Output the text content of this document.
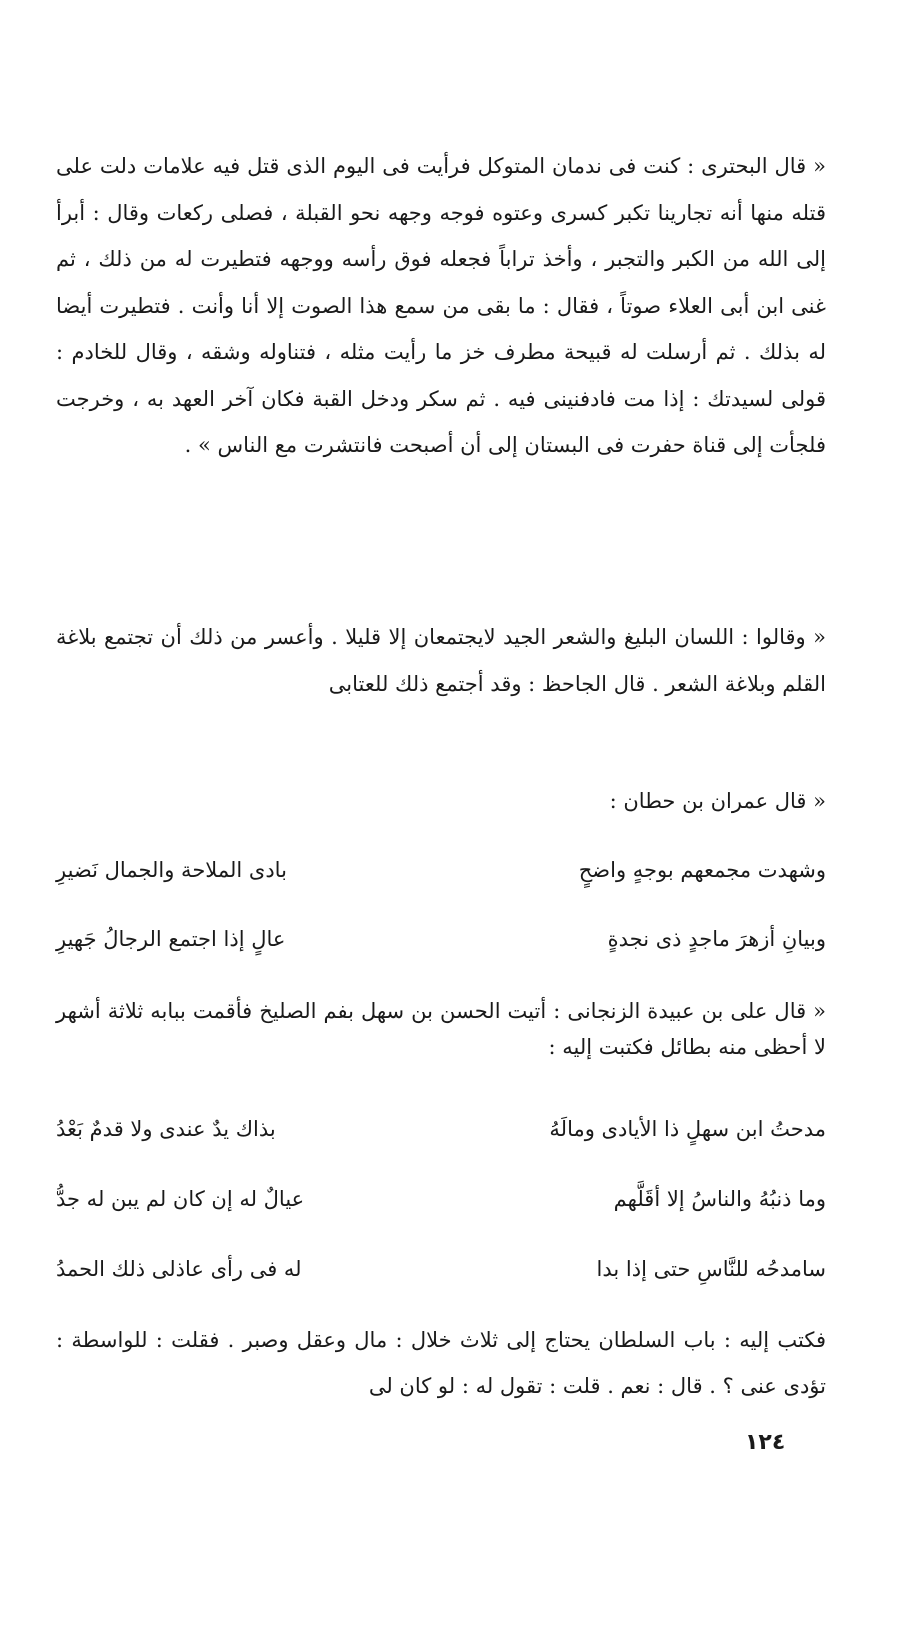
« قال البحترى : كنت فى ندمان المتوكل فرأيت فى اليوم الذى قتل فيه علامات دلت على قتله منها أنه تجارينا تكبر كسرى وعتوه فوجه وجهه نحو القبلة ، فصلى ركعات وقال : أبرأ إلى الله من الكبر والتجبر ، وأخذ تراباً فجعله فوق رأسه ووجهه فتطيرت له من ذلك ، ثم غنى ابن أبى العلاء صوتاً ، فقال : ما بقى من سمع هذا الصوت إلا أنا وأنت . فتطيرت أيضا له بذلك . ثم أرسلت له قبيحة مطرف خز ما رأيت مثله ، فتناوله وشقه ، وقال للخادم : قولى لسيدتك : إذا مت فادفنينى فيه . ثم سكر ودخل القبة فكان آخر العهد به ، وخرجت فلجأت إلى قناة حفرت فى البستان إلى أن أصبحت فانتشرت مع الناس » .
« وقالوا : اللسان البليغ والشعر الجيد لايجتمعان إلا قليلا . وأعسر من ذلك أن تجتمع بلاغة القلم وبلاغة الشعر . قال الجاحظ : وقد أجتمع ذلك للعتابى
« قال عمران بن حطان :
وشهدت مجمعهم بوجهٍ واضحٍ
بادى الملاحة والجمال نَضيرِ
وبيانِ أزهرَ ماجدٍ ذى نجدةٍ
عالٍ إذا اجتمع الرجالُ جَهيرِ
« قال على بن عبيدة الزنجانى : أتيت الحسن بن سهل بفم الصليخ فأقمت ببابه ثلاثة أشهر لا أحظى منه بطائل فكتبت إليه :
مدحتُ ابن سهلٍ ذا الأيادى ومالَهُ
بذاك يدٌ عندى ولا قدمٌ بَعْدُ
وما ذنبُهُ والناسُ إلا أقَلَّهم
عيالٌ له إن كان لم يبن له جدُّ
سامدحُه للنَّاسِ حتى إذا بدا
له فى رأى عاذلى ذلك الحمدُ
فكتب إليه : باب السلطان يحتاج إلى ثلاث خلال : مال وعقل وصبر . فقلت : للواسطة : تؤدى عنى ؟ . قال : نعم . قلت : تقول له : لو كان لى
١٢٤
